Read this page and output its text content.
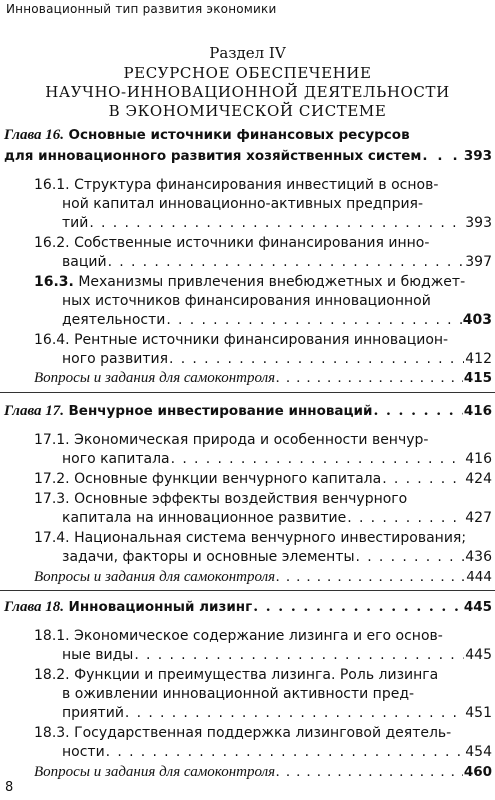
Инновационный тип развития экономики
Раздел IV
РЕСУРСНОЕ ОБЕСПЕЧЕНИЕ
НАУЧНО-ИННОВАЦИОННОЙ ДЕЯТЕЛЬНОСТИ
В ЭКОНОМИЧЕСКОЙ СИСТЕМЕ
Глава 16. Основные источники финансовых ресурсов
для инновационного развития хозяйственных систем . . .	393
16.1. Структура финансирования инвестиций в основ-
ной капитал инновационно-активных предприя-
тий . . .	393
16.2. Собственные источники финансирования инно-
ваций . . .	397
16.3. Механизмы привлечения внебюджетных и бюджет-
ных источников финансирования инновационной
деятельности . . .	403
16.4. Рентные источники финансирования инновацион-
ного развития . . .	412
Вопросы и задания для самоконтроля . . .	415
Глава 17. Венчурное инвестирование инноваций . . .	416
17.1. Экономическая природа и особенности венчур-
ного капитала . . .	416
17.2. Основные функции венчурного капитала . . .	424
17.3. Основные эффекты воздействия венчурного
капитала на инновационное развитие . . .	427
17.4. Национальная система венчурного инвестирования;
задачи, факторы и основные элементы . . .	436
Вопросы и задания для самоконтроля . . .	444
Глава 18. Инновационный лизинг . . .	445
18.1. Экономическое содержание лизинга и его основ-
ные виды . . .	445
18.2. Функции и преимущества лизинга. Роль лизинга
в оживлении инновационной активности пред-
приятий . . .	451
18.3. Государственная поддержка лизинговой деятель-
ности . . .	454
Вопросы и задания для самоконтроля . . .	460
8
